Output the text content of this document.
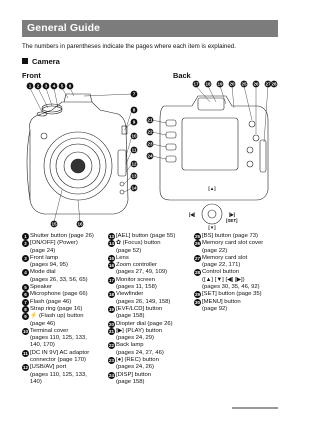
General Guide
The numbers in parentheses indicate the pages where each item is explained.
Camera
Front	Back
1 2 3 4 5 6
7
8
9
10
11
12
13
14
15	16
[▲]
[▼]
[◀]	[▶]
[SET]
17 18 19 20
21
22
23
24
25 26 27 28
1 Shutter button (page 26)
2 [ON/OFF] (Power)
(page 24)
3 Front lamp
(pages 94, 95)
4 Mode dial
(pages 26, 33, 56, 65)
5 Speaker
6 Microphone (page 66)
7 Flash (page 46)
8 Strap ring (page 16)
9 ⚡ (Flash up) button
(page 46)
10 Terminal cover
(pages 110, 125, 133,
140, 170)
11 [DC IN 9V] AC adaptor
connector (page 170)
12 [USB/AV] port
(pages 110, 125, 133,
140)
13 [AEL] button (page 55)
14 ✿ (Focus) button
(page 52)
15 Lens
16 Zoom controller
(pages 27, 49, 109)
17 Monitor screen
(pages 11, 158)
18 Viewfinder
(pages 26, 149, 158)
19 [EVF/LCD] button
(page 158)
20 Diopter dial (page 26)
21 [▶] (PLAY) button
(pages 24, 29)
22 Back lamp
(pages 24, 27, 46)
23 [●] (REC) button
(pages 24, 26)
24 [DISP] button
(page 158)
25 [BS] button (page 73)
26 Memory card slot cover
(page 22)
27 Memory card slot
(page 22, 171)
28 Control button
([▲] [▼] [◀] [▶])
(pages 30, 35, 46, 92)
29 [SET] button (page 35)
30 [MENU] button
(page 92)
